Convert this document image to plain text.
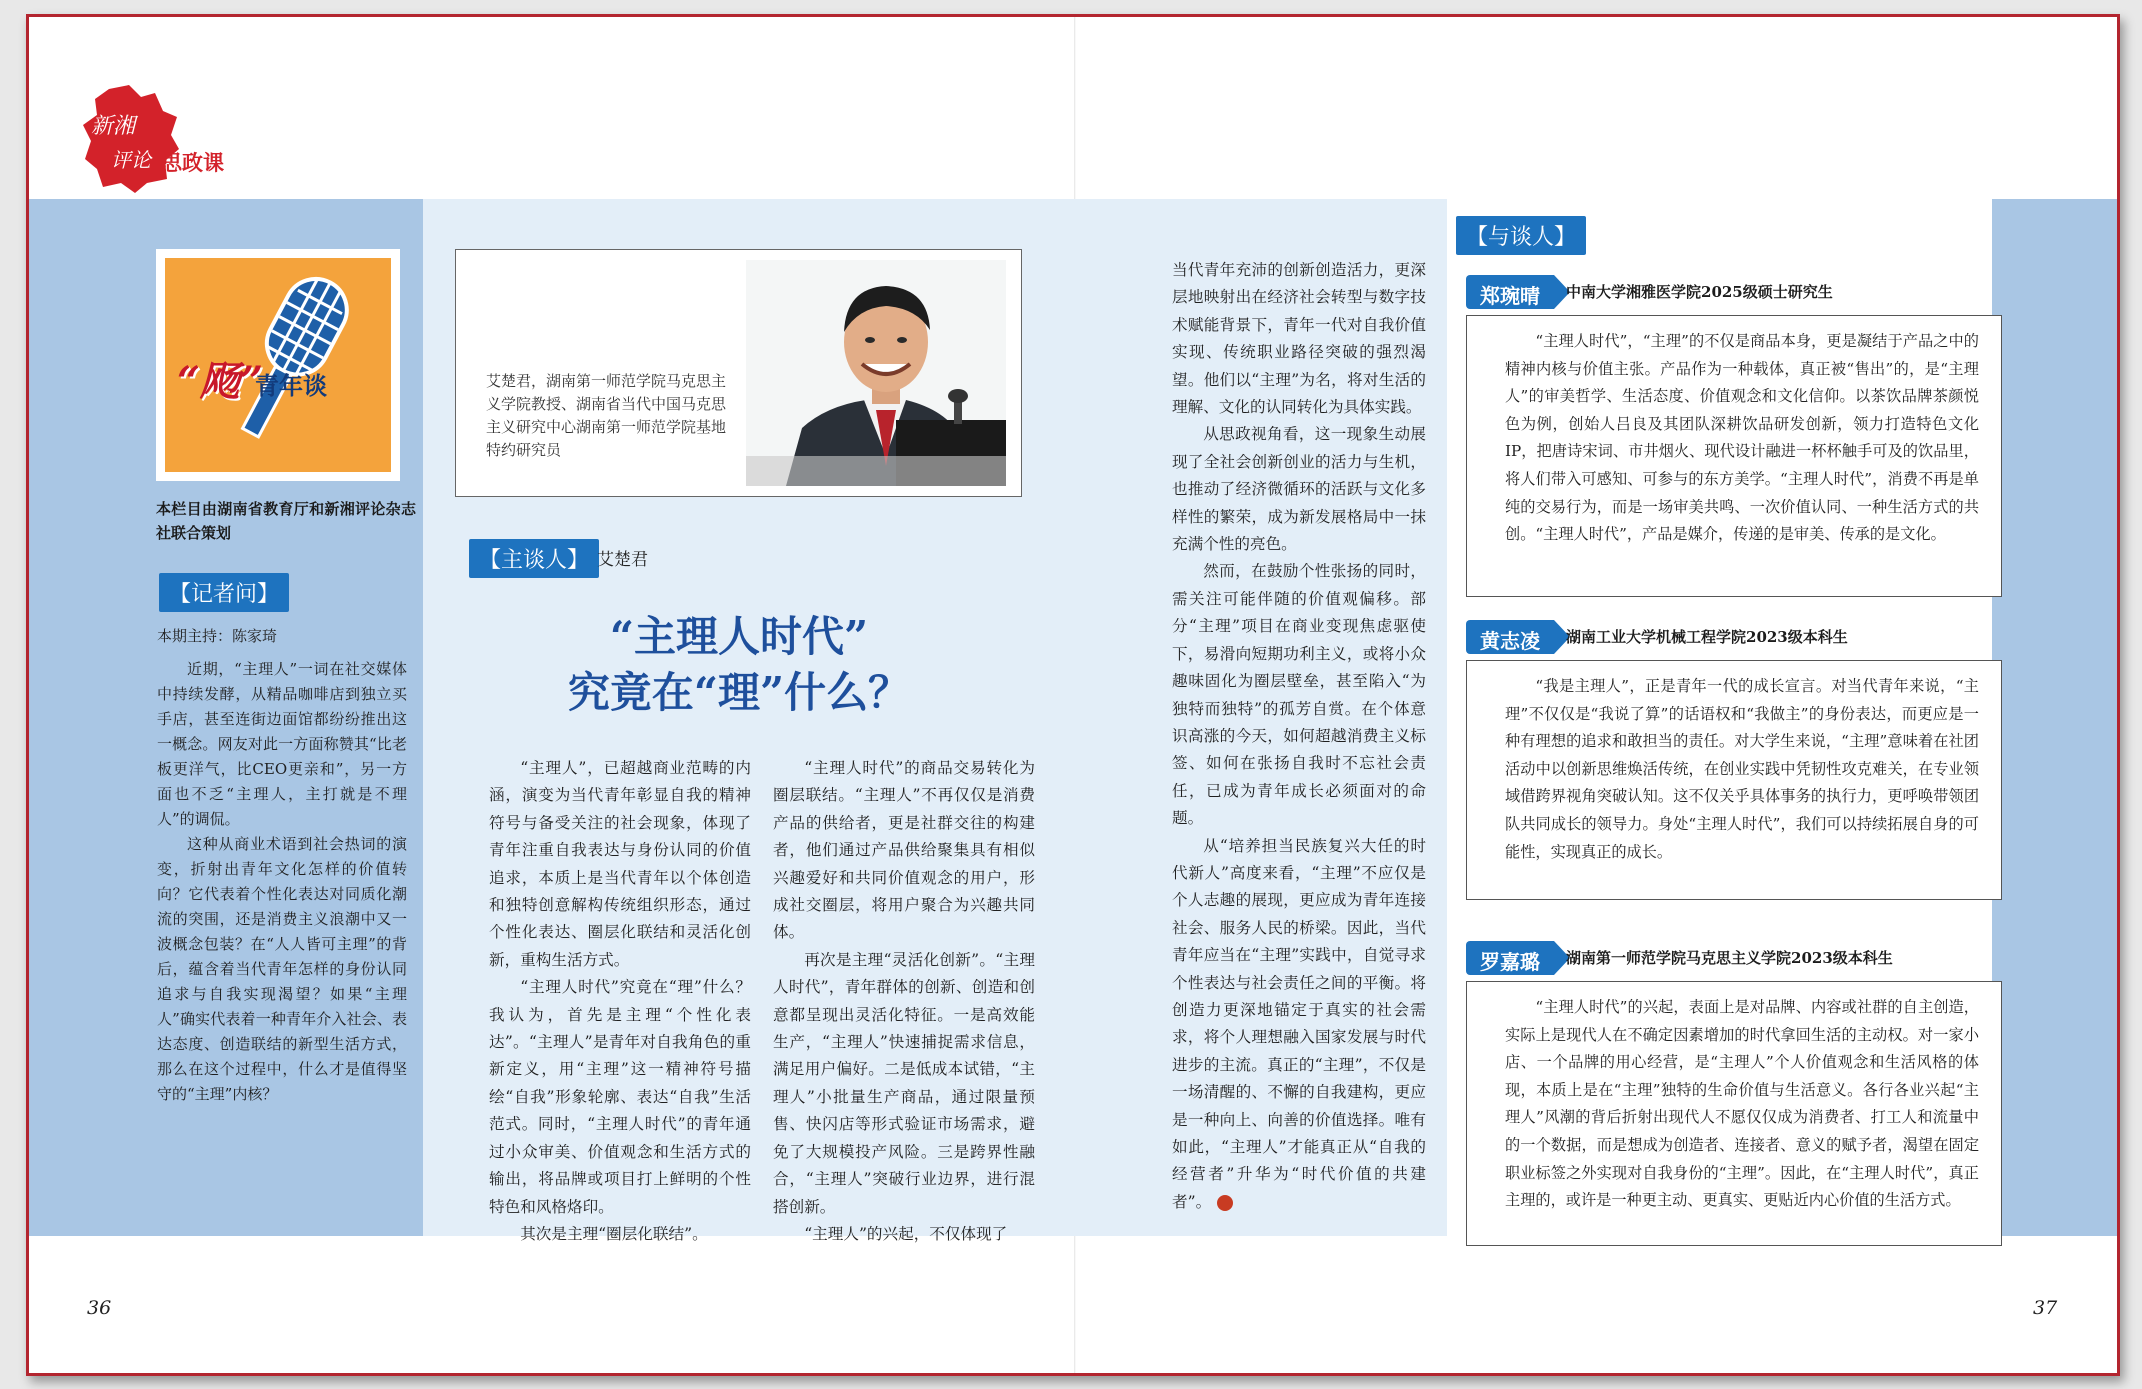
新湘
评论 思政课
“飏”
青年谈
本栏目由湖南省教育厅和新湘评论杂志社联合策划
【记者问】
本期主持：陈家琦

近期，“主理人”一词在社交媒体中持续发酵，从精品咖啡店到独立买手店，甚至连街边面馆都纷纷推出这一概念。网友对此一方面称赞其“比老板更洋气，比CEO更亲和”，另一方面也不乏“主理人，主打就是不理人”的调侃。

这种从商业术语到社会热词的演变，折射出青年文化怎样的价值转向？它代表着个性化表达对同质化潮流的突围，还是消费主义浪潮中又一波概念包装？在“人人皆可主理”的背后，蕴含着当代青年怎样的身份认同追求与自我实现渴望？如果“主理人”确实代表着一种青年介入社会、表达态度、创造联结的新型生活方式，那么在这个过程中，什么才是值得坚守的“主理”内核？

艾楚君，湖南第一师范学院马克思主义学院教授、湖南省当代中国马克思主义研究中心湖南第一师范学院基地特约研究员
【主谈人】 艾楚君
“主理人时代”
究竟在“理”什么？

“主理人”，已超越商业范畴的内涵，演变为当代青年彰显自我的精神符号与备受关注的社会现象，体现了青年注重自我表达与身份认同的价值追求，本质上是当代青年以个体创造和独特创意解构传统组织形态，通过个性化表达、圈层化联结和灵活化创新，重构生活方式。

“主理人时代”究竟在“理”什么？我认为，首先是主理“个性化表达”。“主理人”是青年对自我角色的重新定义，用“主理”这一精神符号描绘“自我”形象轮廓、表达“自我”生活范式。同时，“主理人时代”的青年通过小众审美、价值观念和生活方式的输出，将品牌或项目打上鲜明的个性特色和风格烙印。

其次是主理“圈层化联结”。

“主理人时代”的商品交易转化为圈层联结。“主理人”不再仅仅是消费产品的供给者，更是社群交往的构建者，他们通过产品供给聚集具有相似兴趣爱好和共同价值观念的用户，形成社交圈层，将用户聚合为兴趣共同体。

再次是主理“灵活化创新”。“主理人时代”，青年群体的创新、创造和创意都呈现出灵活化特征。一是高效能生产，“主理人”快速捕捉需求信息，满足用户偏好。二是低成本试错，“主理人”小批量生产商品，通过限量预售、快闪店等形式验证市场需求，避免了大规模投产风险。三是跨界性融合，“主理人”突破行业边界，进行混搭创新。

“主理人”的兴起，不仅体现了

当代青年充沛的创新创造活力，更深层地映射出在经济社会转型与数字技术赋能背景下，青年一代对自我价值实现、传统职业路径突破的强烈渴望。他们以“主理”为名，将对生活的理解、文化的认同转化为具体实践。

从思政视角看，这一现象生动展现了全社会创新创业的活力与生机，也推动了经济微循环的活跃与文化多样性的繁荣，成为新发展格局中一抹充满个性的亮色。

然而，在鼓励个性张扬的同时，需关注可能伴随的价值观偏移。部分“主理”项目在商业变现焦虑驱使下，易滑向短期功利主义，或将小众趣味固化为圈层壁垒，甚至陷入“为独特而独特”的孤芳自赏。在个体意识高涨的今天，如何超越消费主义标签、如何在张扬自我时不忘社会责任，已成为青年成长必须面对的命题。

从“培养担当民族复兴大任的时代新人”高度来看，“主理”不应仅是个人志趣的展现，更应成为青年连接社会、服务人民的桥梁。因此，当代青年应当在“主理”实践中，自觉寻求个性表达与社会责任之间的平衡。将创造力更深地锚定于真实的社会需求，将个人理想融入国家发展与时代进步的主流。真正的“主理”，不仅是一场清醒的、不懈的自我建构，更应是一种向上、向善的价值选择。唯有如此，“主理人”才能真正从“自我的经营者”升华为“时代价值的共建者”。

【与谈人】
郑琬晴	中南大学湘雅医学院2025级硕士研究生

“主理人时代”，“主理”的不仅是商品本身，更是凝结于产品之中的精神内核与价值主张。产品作为一种载体，真正被“售出”的，是“主理人”的审美哲学、生活态度、价值观念和文化信仰。以茶饮品牌茶颜悦色为例，创始人吕良及其团队深耕饮品研发创新，领力打造特色文化IP，把唐诗宋词、市井烟火、现代设计融进一杯杯触手可及的饮品里，将人们带入可感知、可参与的东方美学。“主理人时代”，消费不再是单纯的交易行为，而是一场审美共鸣、一次价值认同、一种生活方式的共创。“主理人时代”，产品是媒介，传递的是审美、传承的是文化。

黄志凌	湖南工业大学机械工程学院2023级本科生

“我是主理人”，正是青年一代的成长宣言。对当代青年来说，“主理”不仅仅是“我说了算”的话语权和“我做主”的身份表达，而更应是一种有理想的追求和敢担当的责任。对大学生来说，“主理”意味着在社团活动中以创新思维焕活传统，在创业实践中凭韧性攻克难关，在专业领域借跨界视角突破认知。这不仅关乎具体事务的执行力，更呼唤带领团队共同成长的领导力。身处“主理人时代”，我们可以持续拓展自身的可能性，实现真正的成长。

罗嘉璐	湖南第一师范学院马克思主义学院2023级本科生

“主理人时代”的兴起，表面上是对品牌、内容或社群的自主创造，实际上是现代人在不确定因素增加的时代拿回生活的主动权。对一家小店、一个品牌的用心经营，是“主理人”个人价值观念和生活风格的体现，本质上是在“主理”独特的生命价值与生活意义。各行各业兴起“主理人”风潮的背后折射出现代人不愿仅仅成为消费者、打工人和流量中的一个数据，而是想成为创造者、连接者、意义的赋予者，渴望在固定职业标签之外实现对自我身份的“主理”。因此，在“主理人时代”，真正主理的，或许是一种更主动、更真实、更贴近内心价值的生活方式。

36	37
